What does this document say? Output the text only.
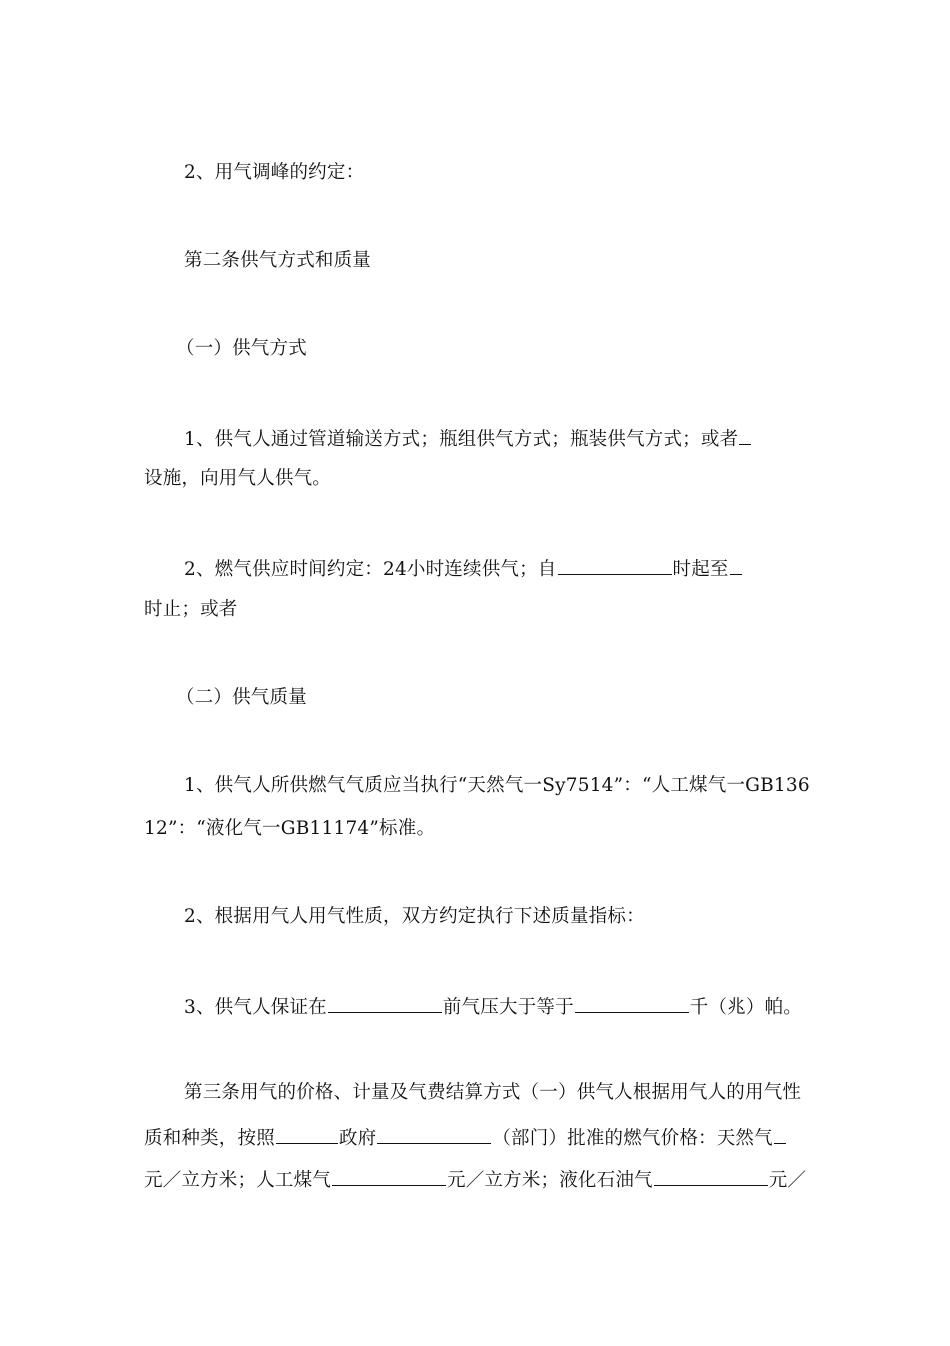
2、用气调峰的约定：
第二条供气方式和质量
（一）供气方式
1、供气人通过管道输送方式；瓶组供气方式；瓶装供气方式；或者
设施，向用气人供气。
2、燃气供应时间约定：24小时连续供气；自	时起至
时止；或者
（二）供气质量
1、供气人所供燃气气质应当执行“天然气一Sy7514”：“人工煤气一GB136
12”：“液化气一GB11174”标准。
2、根据用气人用气性质，双方约定执行下述质量指标：
3、供气人保证在	前气压大于等于	千（兆）帕。
第三条用气的价格、计量及气费结算方式（一）供气人根据用气人的用气性
质和种类，按照	政府	（部门）批准的燃气价格：天然气
元／立方米；人工煤气	元／立方米；液化石油气	元／
